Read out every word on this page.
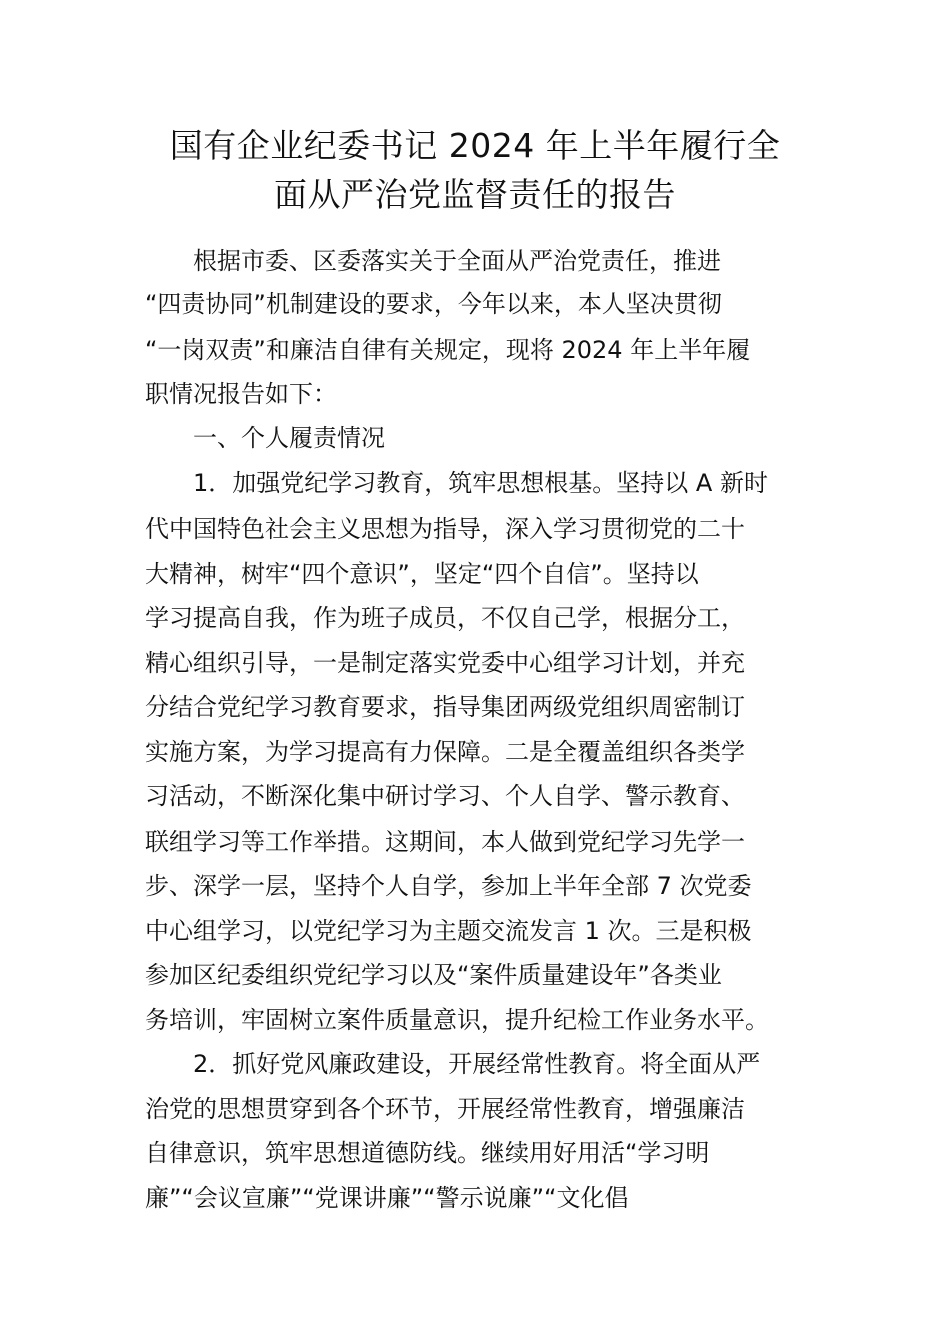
国有企业纪委书记 2024 年上半年履行全
面从严治党监督责任的报告
根据市委、区委落实关于全面从严治党责任，推进
“四责协同”机制建设的要求，今年以来，本人坚决贯彻
“一岗双责”和廉洁自律有关规定，现将 2024 年上半年履
职情况报告如下：
一、个人履责情况
1．加强党纪学习教育，筑牢思想根基。坚持以 A 新时
代中国特色社会主义思想为指导，深入学习贯彻党的二十
大精神，树牢“四个意识”，坚定“四个自信”。坚持以
学习提高自我，作为班子成员，不仅自己学，根据分工，
精心组织引导，一是制定落实党委中心组学习计划，并充
分结合党纪学习教育要求，指导集团两级党组织周密制订
实施方案，为学习提高有力保障。二是全覆盖组织各类学
习活动，不断深化集中研讨学习、个人自学、警示教育、
联组学习等工作举措。这期间，本人做到党纪学习先学一
步、深学一层，坚持个人自学，参加上半年全部 7 次党委
中心组学习，以党纪学习为主题交流发言 1 次。三是积极
参加区纪委组织党纪学习以及“案件质量建设年”各类业
务培训，牢固树立案件质量意识，提升纪检工作业务水平。
2．抓好党风廉政建设，开展经常性教育。将全面从严
治党的思想贯穿到各个环节，开展经常性教育，增强廉洁
自律意识，筑牢思想道德防线。继续用好用活“学习明
廉”“会议宣廉”“党课讲廉”“警示说廉”“文化倡
